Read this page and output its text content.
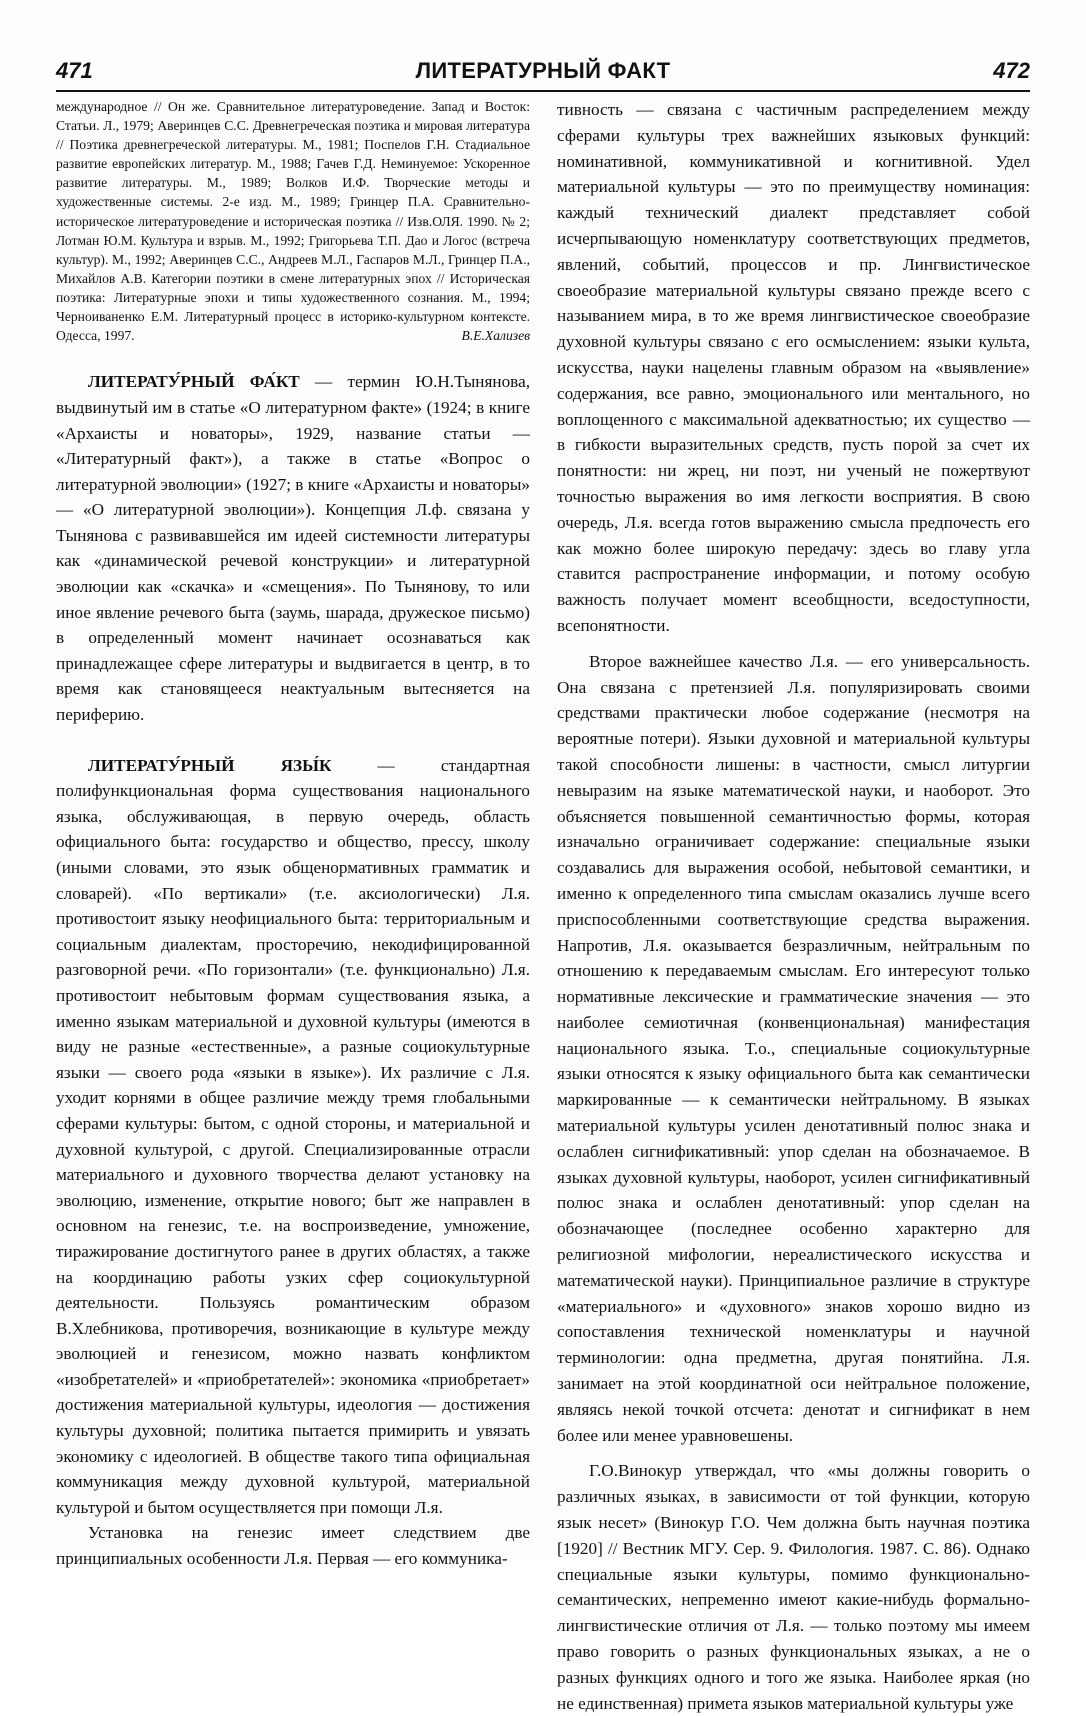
471	ЛИТЕРАТУРНЫЙ ФАКТ	472
международное // Он же. Сравнительное литературоведение. Запад и Восток: Статьи. Л., 1979; Аверинцев С.С. Древнегреческая поэтика и мировая литература // Поэтика древнегреческой литературы. М., 1981; Поспелов Г.Н. Стадиальное развитие европейских литератур. М., 1988; Гачев Г.Д. Неминуемое: Ускоренное развитие литературы. М., 1989; Волков И.Ф. Творческие методы и художественные системы. 2-е изд. М., 1989; Гринцер П.А. Сравнительно-историческое литературоведение и историческая поэтика // Изв.ОЛЯ. 1990. № 2; Лотман Ю.М. Культура и взрыв. М., 1992; Григорьева Т.П. Дао и Логос (встреча культур). М., 1992; Аверинцев С.С., Андреев М.Л., Гаспаров М.Л., Гринцер П.А., Михайлов А.В. Категории поэтики в смене литературных эпох // Историческая поэтика: Литературные эпохи и типы художественного сознания. М., 1994; Черноиваненко Е.М. Литературный процесс в историко-культурном контексте. Одесса, 1997.	В.Е.Хализев

ЛИТЕРАТУ́РНЫЙ ФА́КТ — термин Ю.Н.Тынянова, выдвинутый им в статье «О литературном факте» (1924; в книге «Архаисты и новаторы», 1929, название статьи — «Литературный факт»), а также в статье «Вопрос о литературной эволюции» (1927; в книге «Архаисты и новаторы» — «О литературной эволюции»). Концепция Л.ф. связана у Тынянова с развивавшейся им идеей системности литературы как «динамической речевой конструкции» и литературной эволюции как «скачка» и «смещения». По Тынянову, то или иное явление речевого быта (заумь, шарада, дружеское письмо) в определенный момент начинает осознаваться как принадлежащее сфере литературы и выдвигается в центр, в то время как становящееся неактуальным вытесняется на периферию.

ЛИТЕРАТУ́РНЫЙ ЯЗЫ́К — стандартная полифункциональная форма существования национального языка, обслуживающая, в первую очередь, область официального быта: государство и общество, прессу, школу (иными словами, это язык общенормативных грамматик и словарей). «По вертикали» (т.е. аксиологически) Л.я. противостоит языку неофициального быта: территориальным и социальным диалектам, просторечию, некодифицированной разговорной речи. «По горизонтали» (т.е. функционально) Л.я. противостоит небытовым формам существования языка, а именно языкам материальной и духовной культуры (имеются в виду не разные «естественные», а разные социокультурные языки — своего рода «языки в языке»). Их различие с Л.я. уходит корнями в общее различие между тремя глобальными сферами культуры: бытом, с одной стороны, и материальной и духовной культурой, с другой. Специализированные отрасли материального и духовного творчества делают установку на эволюцию, изменение, открытие нового; быт же направлен в основном на генезис, т.е. на воспроизведение, умножение, тиражирование достигнутого ранее в других областях, а также на координацию работы узких сфер социокультурной деятельности. Пользуясь романтическим образом В.Хлебникова, противоречия, возникающие в культуре между эволюцией и генезисом, можно назвать конфликтом «изобретателей» и «приобретателей»: экономика «приобретает» достижения материальной культуры, идеология — достижения культуры духовной; политика пытается примирить и увязать экономику с идеологией. В обществе такого типа официальная коммуникация между духовной культурой, материальной культурой и бытом осуществляется при помощи Л.я.

Установка на генезис имеет следствием две принципиальных особенности Л.я. Первая — его коммуника-

тивность — связана с частичным распределением между сферами культуры трех важнейших языковых функций: номинативной, коммуникативной и когнитивной. Удел материальной культуры — это по преимуществу номинация: каждый технический диалект представляет собой исчерпывающую номенклатуру соответствующих предметов, явлений, событий, процессов и пр. Лингвистическое своеобразие материальной культуры связано прежде всего с называнием мира, в то же время лингвистическое своеобразие духовной культуры связано с его осмыслением: языки культа, искусства, науки нацелены главным образом на «выявление» содержания, все равно, эмоционального или ментального, но воплощенного с максимальной адекватностью; их существо — в гибкости выразительных средств, пусть порой за счет их понятности: ни жрец, ни поэт, ни ученый не пожертвуют точностью выражения во имя легкости восприятия. В свою очередь, Л.я. всегда готов выражению смысла предпочесть его как можно более широкую передачу: здесь во главу угла ставится распространение информации, и потому особую важность получает момент всеобщности, вседоступности, всепонятности.

Второе важнейшее качество Л.я. — его универсальность. Она связана с претензией Л.я. популяризировать своими средствами практически любое содержание (несмотря на вероятные потери). Языки духовной и материальной культуры такой способности лишены: в частности, смысл литургии невыразим на языке математической науки, и наоборот. Это объясняется повышенной семантичностью формы, которая изначально ограничивает содержание: специальные языки создавались для выражения особой, небытовой семантики, и именно к определенного типа смыслам оказались лучше всего приспособленными соответствующие средства выражения. Напротив, Л.я. оказывается безразличным, нейтральным по отношению к передаваемым смыслам. Его интересуют только нормативные лексические и грамматические значения — это наиболее семиотичная (конвенциональная) манифестация национального языка. Т.о., специальные социокультурные языки относятся к языку официального быта как семантически маркированные — к семантически нейтральному. В языках материальной культуры усилен денотативный полюс знака и ослаблен сигнификативный: упор сделан на обозначаемое. В языках духовной культуры, наоборот, усилен сигнификативный полюс знака и ослаблен денотативный: упор сделан на обозначающее (последнее особенно характерно для религиозной мифологии, нереалистического искусства и математической науки). Принципиальное различие в структуре «материального» и «духовного» знаков хорошо видно из сопоставления технической номенклатуры и научной терминологии: одна предметна, другая понятийна. Л.я. занимает на этой координатной оси нейтральное положение, являясь некой точкой отсчета: денотат и сигнификат в нем более или менее уравновешены.

Г.О.Винокур утверждал, что «мы должны говорить о различных языках, в зависимости от той функции, которую язык несет» (Винокур Г.О. Чем должна быть научная поэтика [1920] // Вестник МГУ. Сер. 9. Филология. 1987. С. 86). Однако специальные языки культуры, помимо функционально-семантических, непременно имеют какие-нибудь формально-лингвистические отличия от Л.я. — только поэтому мы имеем право говорить о разных функциональных языках, а не о разных функциях одного и того же языка. Наиболее яркая (но не единственная) примета языков материальной культуры уже
